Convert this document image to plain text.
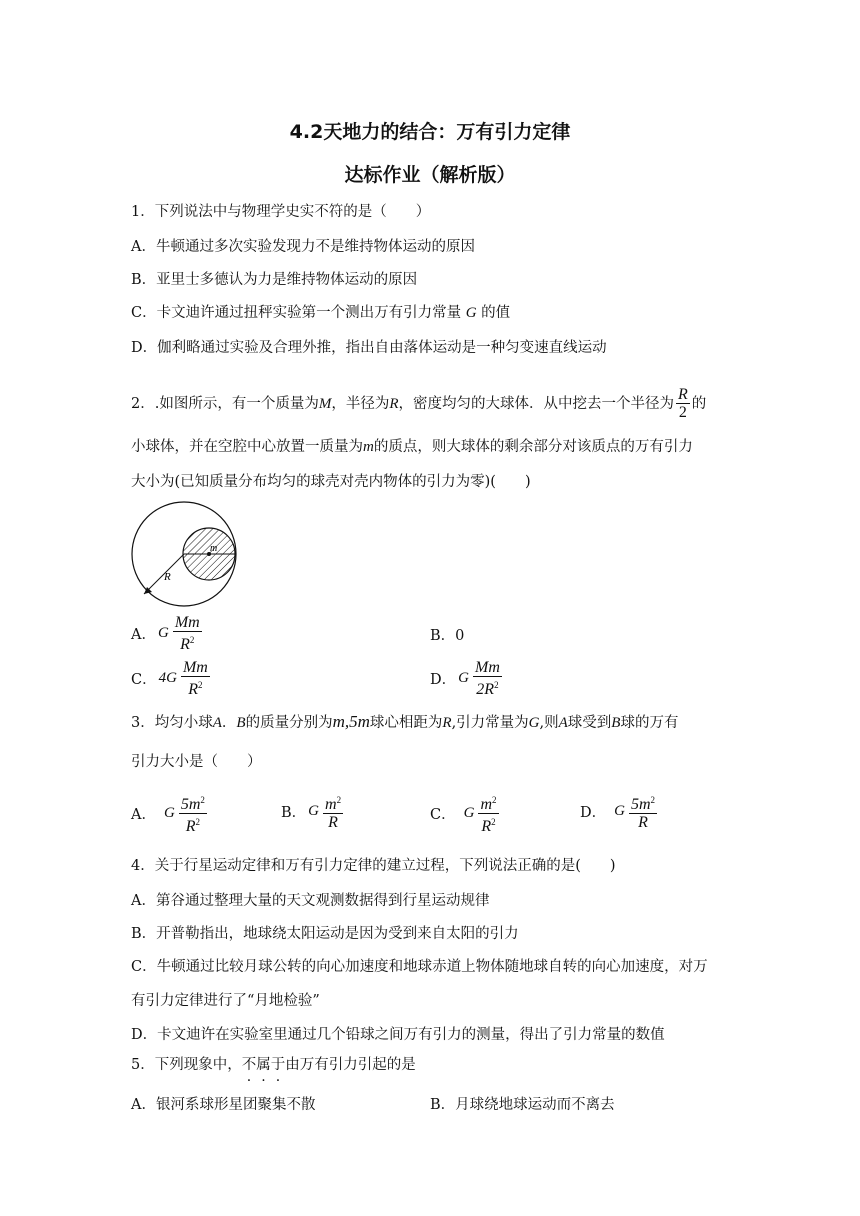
4.2天地力的结合：万有引力定律
达标作业（解析版）
1．下列说法中与物理学史实不符的是（　　）
A．牛顿通过多次实验发现力不是维持物体运动的原因
B．亚里士多德认为力是维持物体运动的原因
C．卡文迪许通过扭秤实验第一个测出万有引力常量 G 的值
D．伽利略通过实验及合理外推，指出自由落体运动是一种匀变速直线运动
2．.如图所示，有一个质量为 M ，半径为 R ，密度均匀的大球体．从中挖去一个半径为 $\frac{R}{2}$ 的
小球体，并在空腔中心放置一质量为m的质点，则大球体的剩余部分对该质点的万有引力
大小为(已知质量分布均匀的球壳对壳内物体的引力为零)(　　)
m
R
A． G $\frac{Mm}{R^2}$	B．0
C． $4G \frac{Mm}{R^2}$	D． G $\frac{Mm}{2R^2}$
3．均匀小球A．B的质量分别为m,5m球心相距为R,引力常量为G,则A球受到B球的万有
引力大小是（　　）
A． G $\frac{5m^2}{R^2}$	B． G $\frac{m^2}{R}$	C． G $\frac{m^2}{R^2}$	D． G $\frac{5m^2}{R}$
4．关于行星运动定律和万有引力定律的建立过程，下列说法正确的是(　　)
A．第谷通过整理大量的天文观测数据得到行星运动规律
B．开普勒指出，地球绕太阳运动是因为受到来自太阳的引力
C．牛顿通过比较月球公转的向心加速度和地球赤道上物体随地球自转的向心加速度，对万
有引力定律进行了“月地检验”
D．卡文迪许在实验室里通过几个铅球之间万有引力的测量，得出了引力常量的数值
5．下列现象中，不属于由万有引力引起的是
A．银河系球形星团聚集不散	B．月球绕地球运动而不离去
